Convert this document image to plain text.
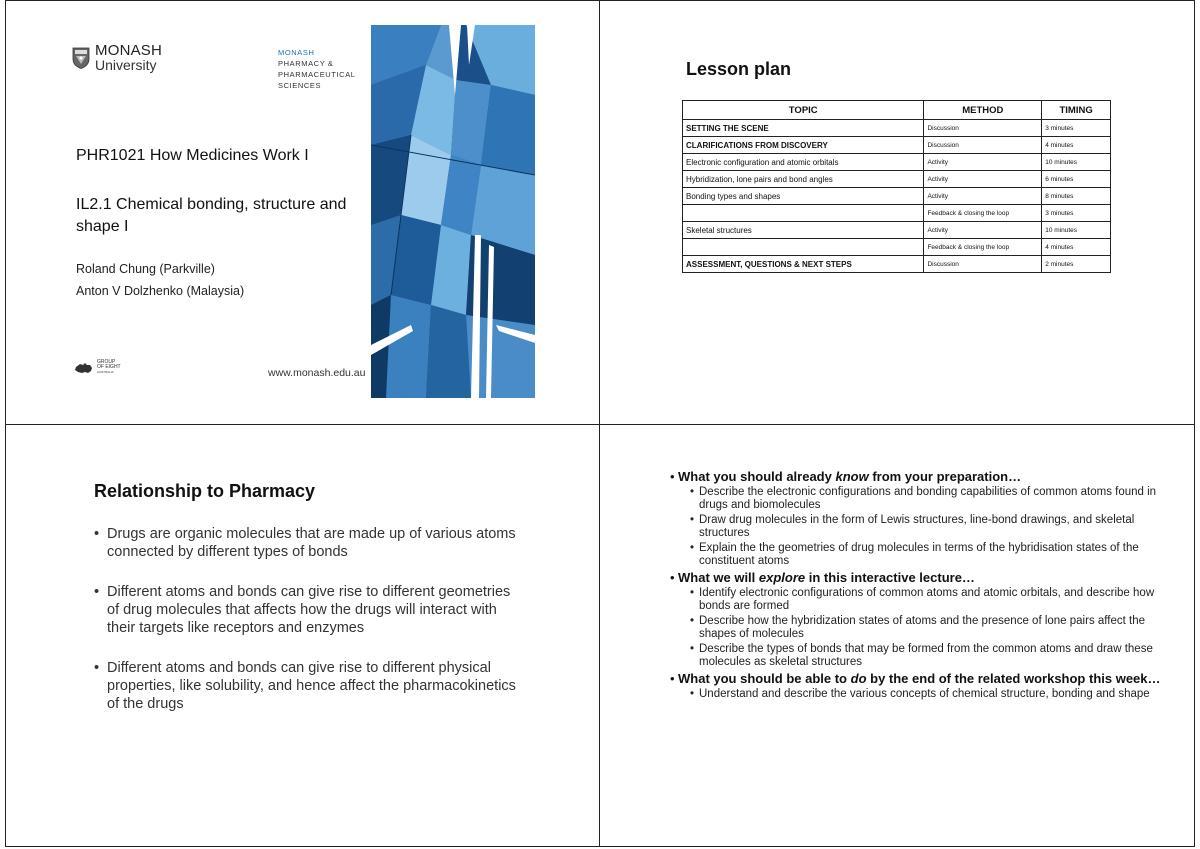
MONASH
University
MONASH
PHARMACY &
PHARMACEUTICAL
SCIENCES
PHR1021 How Medicines Work I
IL2.1 Chemical bonding, structure and shape I
Roland Chung (Parkville)
Anton V Dolzhenko (Malaysia)
GROUP
OF EIGHT
AUSTRALIA	www.monash.edu.au
Lesson plan
TOPIC	METHOD	TIMING
SETTING THE SCENE	Discussion	3 minutes
CLARIFICATIONS FROM DISCOVERY	Discussion	4 minutes
Electronic configuration and atomic orbitals	Activity	10 minutes
Hybridization, lone pairs and bond angles	Activity	6 minutes
Bonding types and shapes	Activity	8 minutes
	Feedback & closing the loop	3 minutes
Skeletal structures	Activity	10 minutes
	Feedback & closing the loop	4 minutes
ASSESSMENT, QUESTIONS & NEXT STEPS	Discussion	2 minutes
Relationship to Pharmacy
• Drugs are organic molecules that are made up of various atoms connected by different types of bonds
• Different atoms and bonds can give rise to different geometries of drug molecules that affects how the drugs will interact with their targets like receptors and enzymes
• Different atoms and bonds can give rise to different physical properties, like solubility, and hence affect the pharmacokinetics of the drugs
• What you should already know from your preparation…
• Describe the electronic configurations and bonding capabilities of common atoms found in drugs and biomolecules
• Draw drug molecules in the form of Lewis structures, line-bond drawings, and skeletal structures
• Explain the the geometries of drug molecules in terms of the hybridisation states of the constituent atoms
• What we will explore in this interactive lecture…
• Identify electronic configurations of common atoms and atomic orbitals, and describe how bonds are formed
• Describe how the hybridization states of atoms and the presence of lone pairs affect the shapes of molecules
• Describe the types of bonds that may be formed from the common atoms and draw these molecules as skeletal structures
• What you should be able to do by the end of the related workshop this week…
• Understand and describe the various concepts of chemical structure, bonding and shape
